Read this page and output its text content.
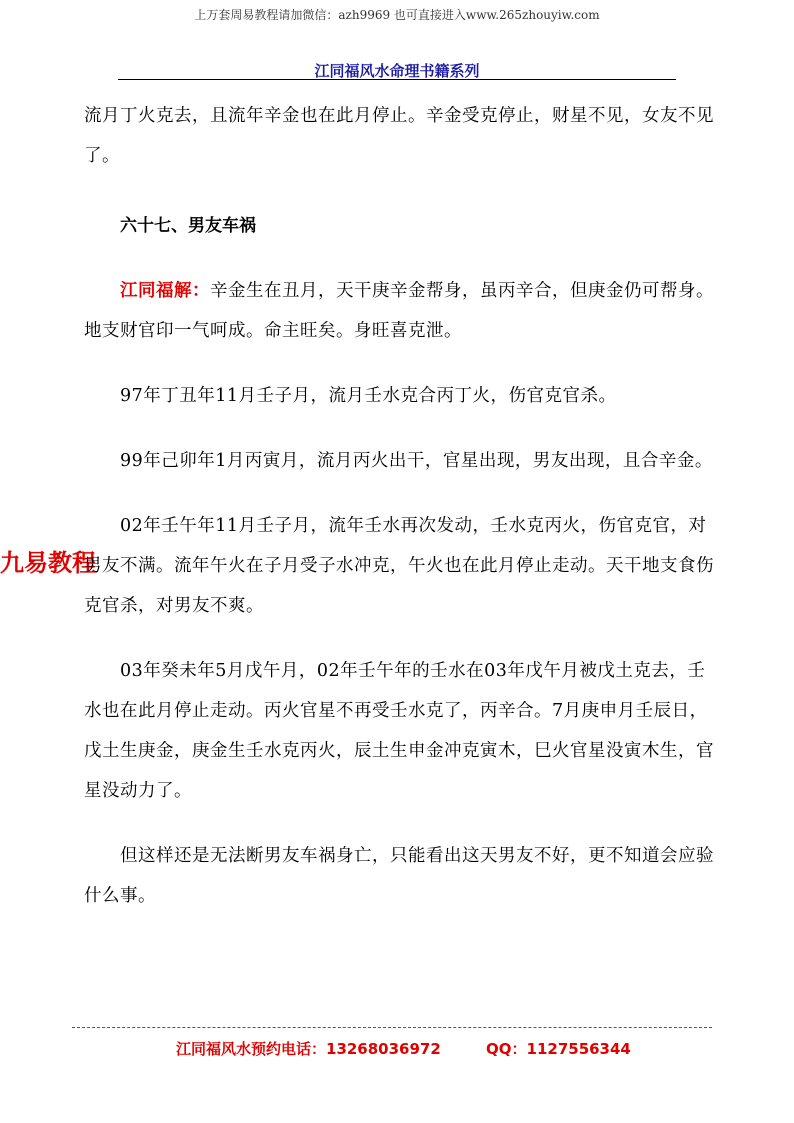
上万套周易教程请加微信：azh9969 也可直接进入www.265zhouyiw.com
江同福风水命理书籍系列
九易教程

流月丁火克去，且流年辛金也在此月停止。辛金受克停止，财星不见，女友不见了。

六十七、男友车祸

江同福解：辛金生在丑月，天干庚辛金帮身，虽丙辛合，但庚金仍可帮身。地支财官印一气呵成。命主旺矣。身旺喜克泄。

97年丁丑年11月壬子月，流月壬水克合丙丁火，伤官克官杀。

99年己卯年1月丙寅月，流月丙火出干，官星出现，男友出现，且合辛金。

02年壬午年11月壬子月，流年壬水再次发动，壬水克丙火，伤官克官，对男友不满。流年午火在子月受子水冲克，午火也在此月停止走动。天干地支食伤克官杀，对男友不爽。

03年癸未年5月戊午月，02年壬午年的壬水在03年戊午月被戊土克去，壬水也在此月停止走动。丙火官星不再受壬水克了，丙辛合。7月庚申月壬辰日，戊土生庚金，庚金生壬水克丙火，辰土生申金冲克寅木，巳火官星没寅木生，官星没动力了。

但这样还是无法断男友车祸身亡，只能看出这天男友不好，更不知道会应验什么事。

江同福风水预约电话：13268036972	QQ：1127556344
